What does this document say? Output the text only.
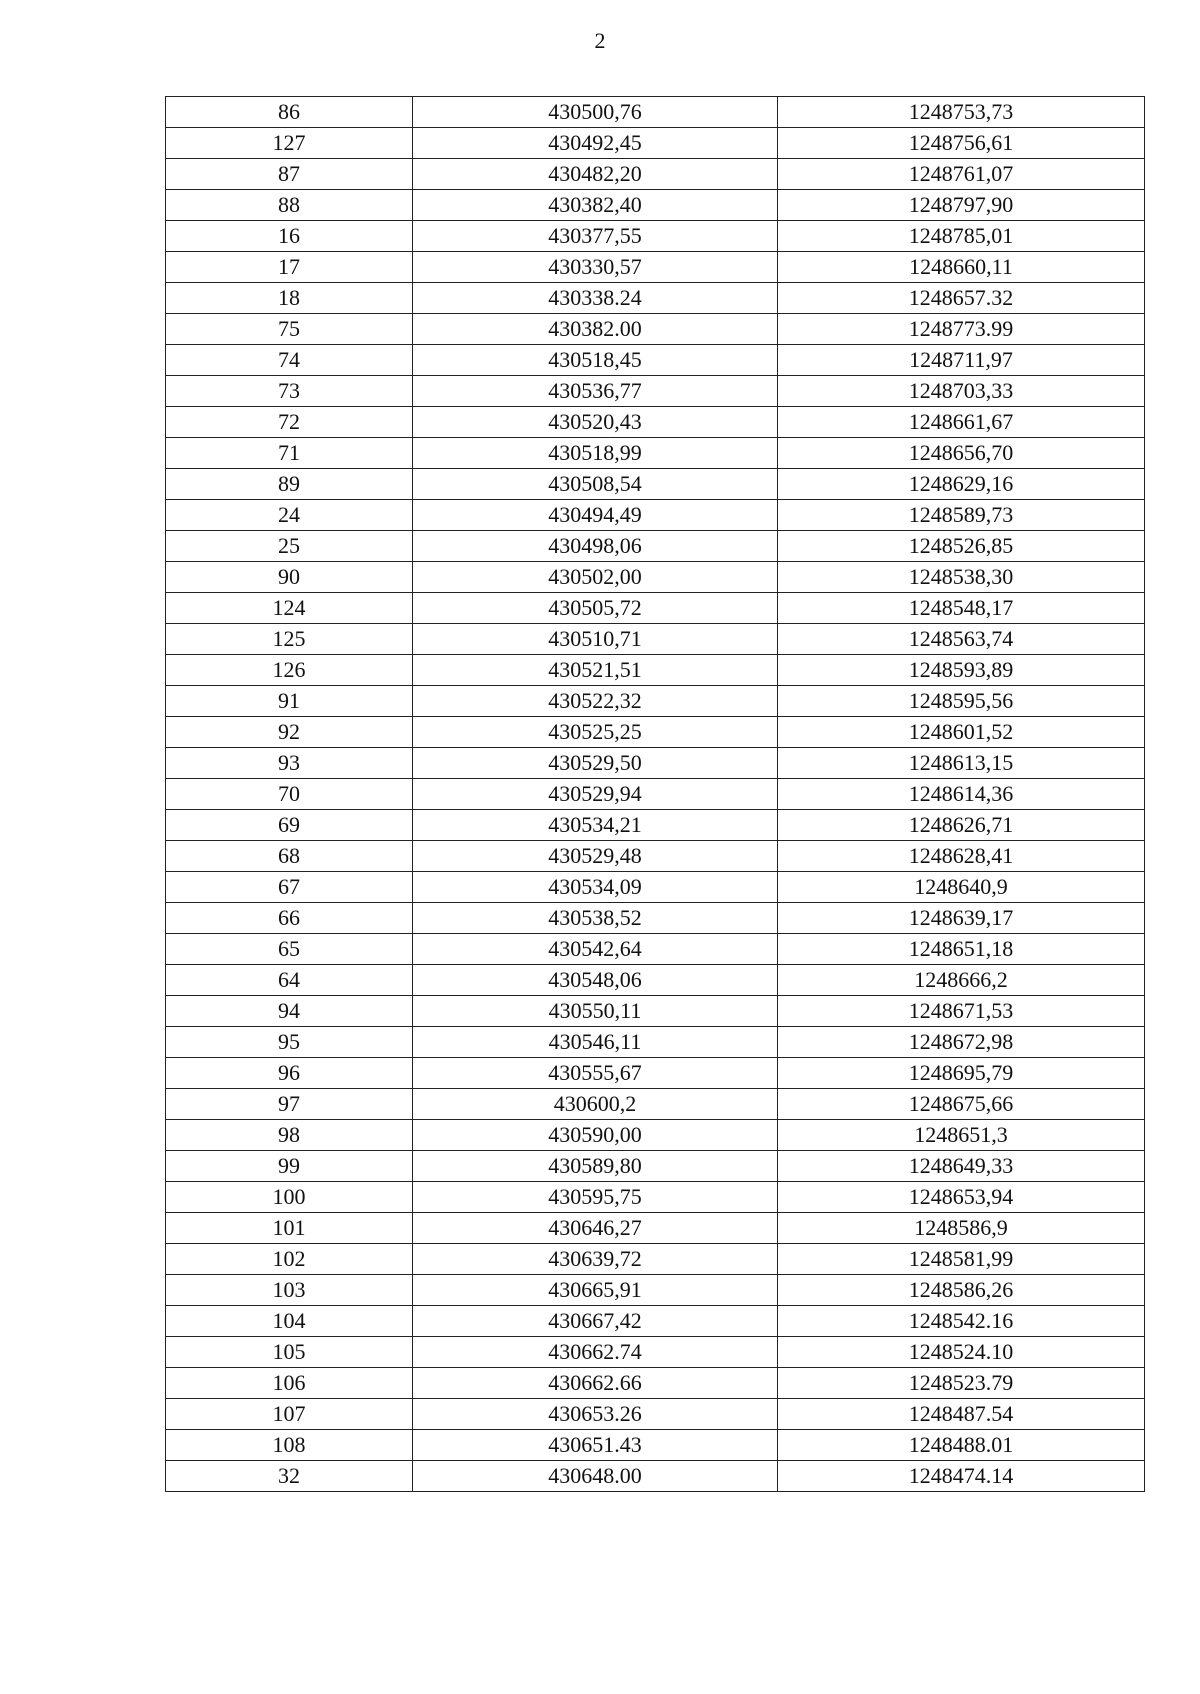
2
86	430500,76	1248753,73
127	430492,45	1248756,61
87	430482,20	1248761,07
88	430382,40	1248797,90
16	430377,55	1248785,01
17	430330,57	1248660,11
18	430338.24	1248657.32
75	430382.00	1248773.99
74	430518,45	1248711,97
73	430536,77	1248703,33
72	430520,43	1248661,67
71	430518,99	1248656,70
89	430508,54	1248629,16
24	430494,49	1248589,73
25	430498,06	1248526,85
90	430502,00	1248538,30
124	430505,72	1248548,17
125	430510,71	1248563,74
126	430521,51	1248593,89
91	430522,32	1248595,56
92	430525,25	1248601,52
93	430529,50	1248613,15
70	430529,94	1248614,36
69	430534,21	1248626,71
68	430529,48	1248628,41
67	430534,09	1248640,9
66	430538,52	1248639,17
65	430542,64	1248651,18
64	430548,06	1248666,2
94	430550,11	1248671,53
95	430546,11	1248672,98
96	430555,67	1248695,79
97	430600,2	1248675,66
98	430590,00	1248651,3
99	430589,80	1248649,33
100	430595,75	1248653,94
101	430646,27	1248586,9
102	430639,72	1248581,99
103	430665,91	1248586,26
104	430667,42	1248542.16
105	430662.74	1248524.10
106	430662.66	1248523.79
107	430653.26	1248487.54
108	430651.43	1248488.01
32	430648.00	1248474.14
